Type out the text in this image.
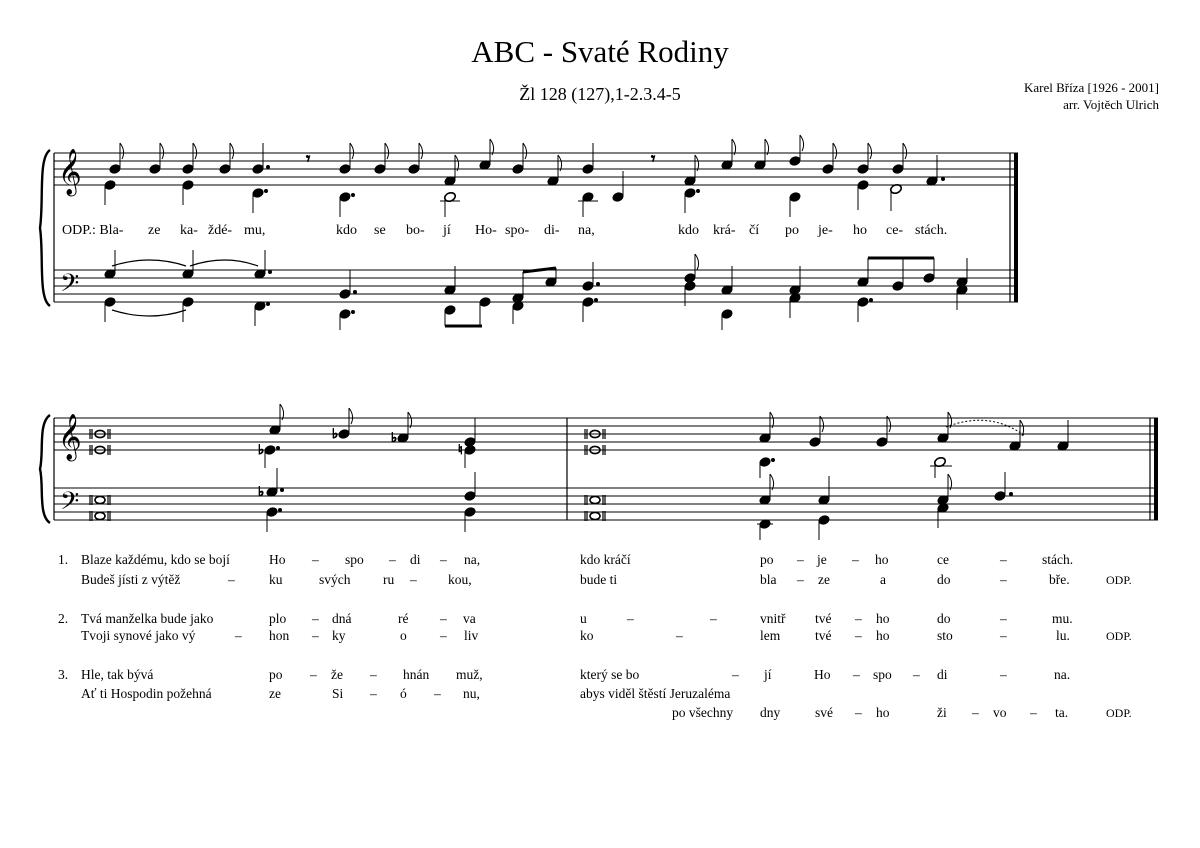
𝄞
𝄢
𝄾	𝄾
𝄞
𝄢
♭
♭	♭
♮
♭
ABC - Svaté Rodiny
Žl 128 (127),1-2.3.4-5	Karel Bříza [1926 - 2001]
arr. Vojtěch Ulrich
ODP.: Bla- ze ka- ždé- mu,	kdo se bo- jí Ho- spo- di- na,	kdo krá- čí po je- ho ce- stách.
1. Blaze každému, kdo se bojí	Ho – spo – di – na,	kdo kráčí	po – je – ho	ce	–	stách.
Budeš jísti z výtěž	–	ku	svých ru – kou,	bude ti	bla – ze	a	do	–	bře.	ODP.
2. Tvá manželka bude jako	plo – dná	ré – va	u	–	–	vnitř tvé – ho	do	–	mu.
Tvoji synové jako vý	– hon – ky	o – liv	ko	–	lem	tvé – ho	sto	–	lu.	ODP.
3. Hle, tak bývá	po – že – hnán muž,	který se bo	– jí	Ho – spo – di	–	na.
Ať ti Hospodin požehná	ze	Si – ó – nu,	abys viděl štěstí Jeruzaléma
po všechny dny	své – ho	ži – vo – ta.	ODP.
